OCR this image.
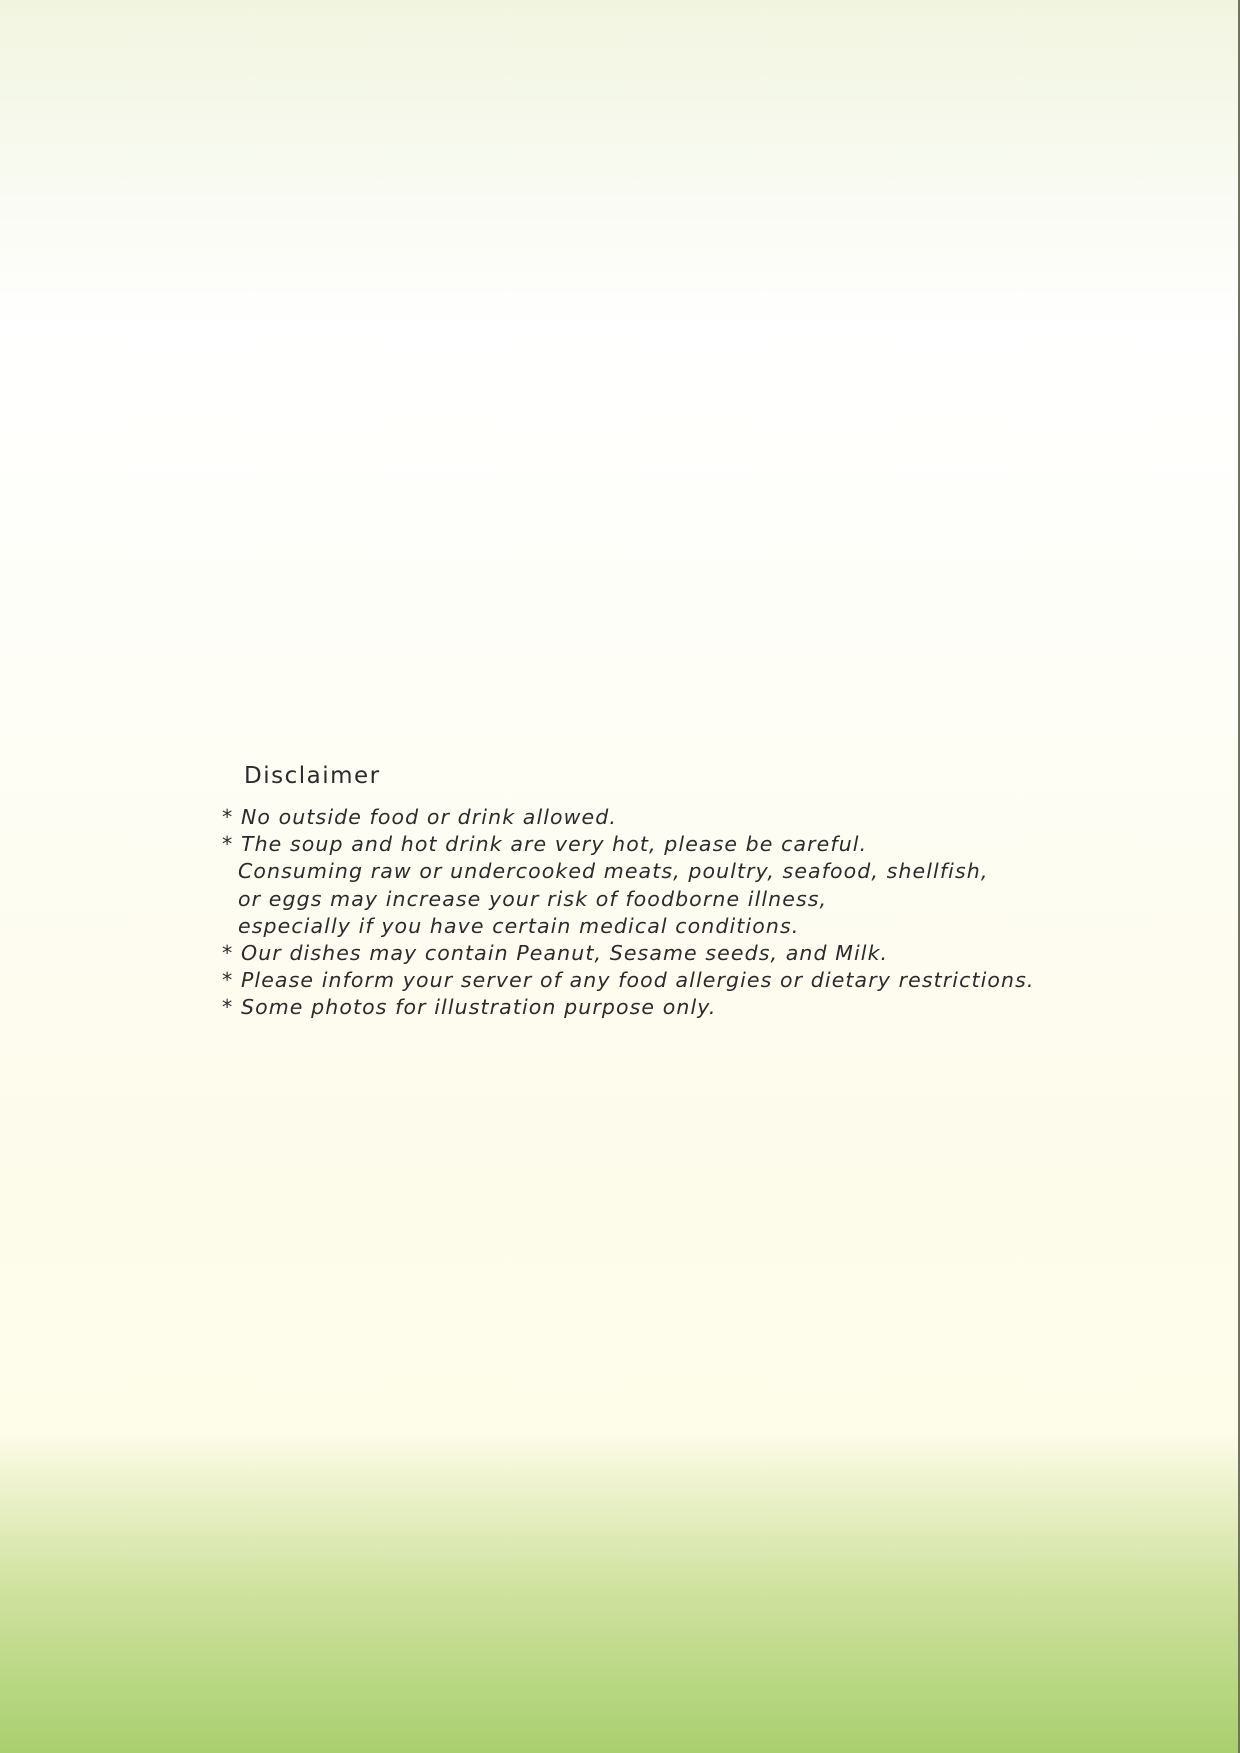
Disclaimer
* No outside food or drink allowed.
* The soup and hot drink are very hot, please be careful.
Consuming raw or undercooked meats, poultry, seafood, shellfish,
or eggs may increase your risk of foodborne illness,
especially if you have certain medical conditions.
* Our dishes may contain Peanut, Sesame seeds, and Milk.
* Please inform your server of any food allergies or dietary restrictions.
* Some photos for illustration purpose only.
